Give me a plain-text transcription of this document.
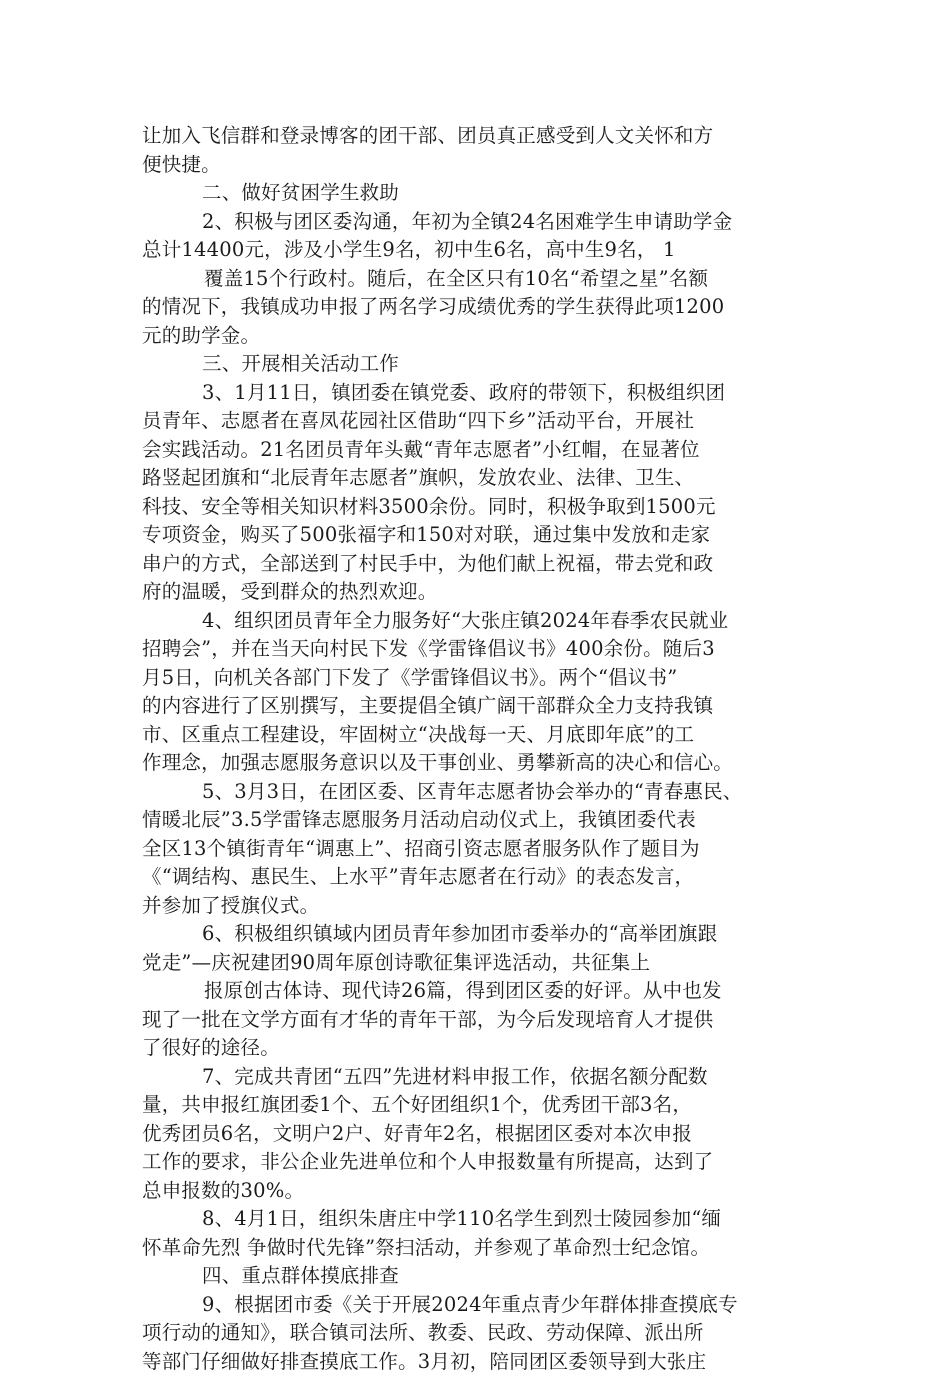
让加入飞信群和登录博客的团干部、团员真正感受到人文关怀和方
便快捷。
二、做好贫困学生救助
2、积极与团区委沟通，年初为全镇24名困难学生申请助学金
总计14400元，涉及小学生9名，初中生6名，高中生9名， 1
覆盖15个行政村。随后，在全区只有10名“希望之星”名额
的情况下，我镇成功申报了两名学习成绩优秀的学生获得此项1200
元的助学金。
三、开展相关活动工作
3、1月11日，镇团委在镇党委、政府的带领下，积极组织团
员青年、志愿者在喜凤花园社区借助“四下乡”活动平台，开展社
会实践活动。21名团员青年头戴“青年志愿者”小红帽，在显著位
路竖起团旗和“北辰青年志愿者”旗帜，发放农业、法律、卫生、
科技、安全等相关知识材料3500余份。同时，积极争取到1500元
专项资金，购买了500张福字和150对对联，通过集中发放和走家
串户的方式，全部送到了村民手中，为他们献上祝福，带去党和政
府的温暖，受到群众的热烈欢迎。
4、组织团员青年全力服务好“大张庄镇2024年春季农民就业
招聘会”，并在当天向村民下发《学雷锋倡议书》400余份。随后3
月5日，向机关各部门下发了《学雷锋倡议书》。两个“倡议书”
的内容进行了区别撰写，主要提倡全镇广阔干部群众全力支持我镇
市、区重点工程建设，牢固树立“决战每一天、月底即年底”的工
作理念，加强志愿服务意识以及干事创业、勇攀新高的决心和信心。
5、3月3日，在团区委、区青年志愿者协会举办的“青春惠民、
情暖北辰”3.5学雷锋志愿服务月活动启动仪式上，我镇团委代表
全区13个镇街青年“调惠上”、招商引资志愿者服务队作了题目为
《“调结构、惠民生、上水平”青年志愿者在行动》的表态发言，
并参加了授旗仪式。
6、积极组织镇域内团员青年参加团市委举办的“高举团旗跟
党走”—庆祝建团90周年原创诗歌征集评选活动，共征集上
报原创古体诗、现代诗26篇，得到团区委的好评。从中也发
现了一批在文学方面有才华的青年干部，为今后发现培育人才提供
了很好的途径。
7、完成共青团“五四”先进材料申报工作，依据名额分配数
量，共申报红旗团委1个、五个好团组织1个，优秀团干部3名，
优秀团员6名，文明户2户、好青年2名，根据团区委对本次申报
工作的要求，非公企业先进单位和个人申报数量有所提高，达到了
总申报数的30%。
8、4月1日，组织朱唐庄中学110名学生到烈士陵园参加“缅
怀革命先烈 争做时代先锋”祭扫活动，并参观了革命烈士纪念馆。
四、重点群体摸底排查
9、根据团市委《关于开展2024年重点青少年群体排查摸底专
项行动的通知》，联合镇司法所、教委、民政、劳动保障、派出所
等部门仔细做好排查摸底工作。3月初，陪同团区委领导到大张庄
